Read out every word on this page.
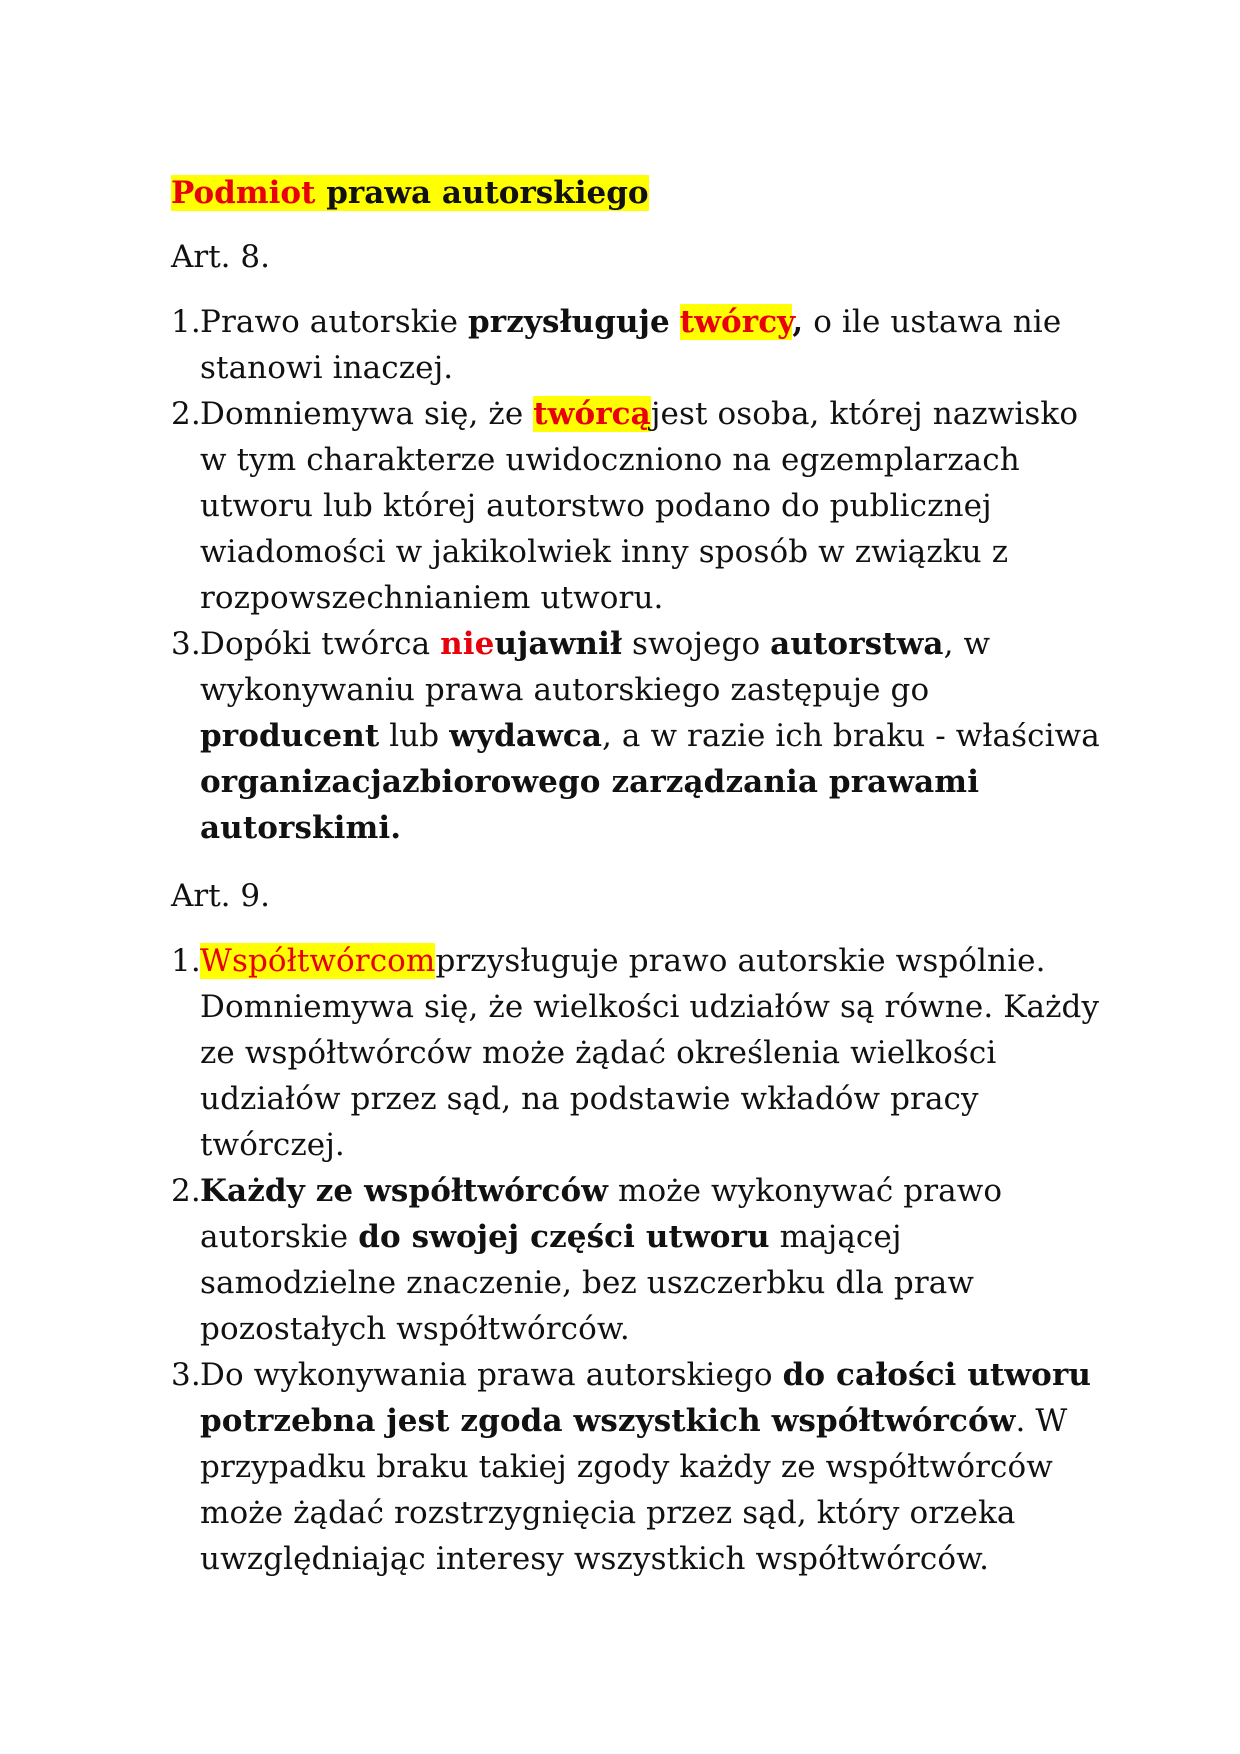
Podmiot prawa autorskiego
Art. 8.
1. Prawo autorskie przysługuje twórcy, o ile ustawa nie stanowi inaczej.
2. Domniemywa się, że twórcąjest osoba, której nazwisko w tym charakterze uwidoczniono na egzemplarzach utworu lub której autorstwo podano do publicznej wiadomości w jakikolwiek inny sposób w związku z rozpowszechnianiem utworu.
3. Dopóki twórca nieujawnił swojego autorstwa, w wykonywaniu prawa autorskiego zastępuje go producent lub wydawca, a w razie ich braku - właściwa organizacjazbiorowego zarządzania prawami autorskimi.
Art. 9.
1. Współtwórcomprzysługuje prawo autorskie wspólnie. Domniemywa się, że wielkości udziałów są równe. Każdy ze współtwórców może żądać określenia wielkości udziałów przez sąd, na podstawie wkładów pracy twórczej.
2. Każdy ze współtwórców może wykonywać prawo autorskie do swojej części utworu mającej samodzielne znaczenie, bez uszczerbku dla praw pozostałych współtwórców.
3. Do wykonywania prawa autorskiego do całości utworu potrzebna jest zgoda wszystkich współtwórców. W przypadku braku takiej zgody każdy ze współtwórców może żądać rozstrzygnięcia przez sąd, który orzeka uwzględniając interesy wszystkich współtwórców.
